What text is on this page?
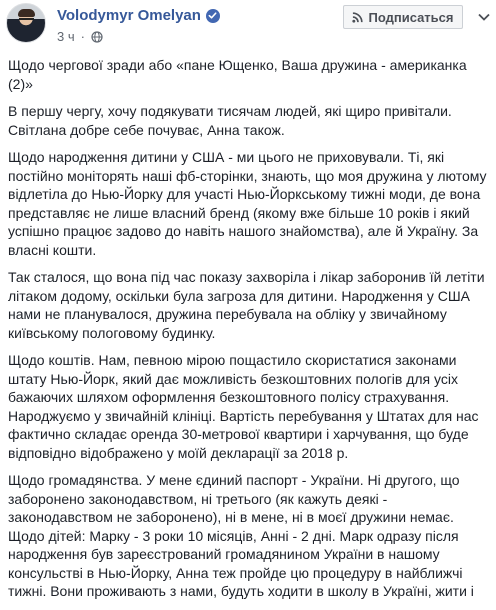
Volodymyr Omelyan
3 ч ·
Подписаться

Щодо чергової зради або «пане Ющенко, Ваша дружина - американка (2)»

В першу чергу, хочу подякувати тисячам людей, які щиро привітали. Світлана добре себе почуває, Анна також.

Щодо народження дитини у США - ми цього не приховували. Ті, які постійно моніторять наші фб-сторінки, знають, що моя дружина у лютому відлетіла до Нью-Йорку для участі Нью-Йоркському тижні моди, де вона представляє не лише власний бренд (якому вже більше 10 років і який успішно працює задово до навіть нашого знайомства), але й Україну. За власні кошти.

Так сталося, що вона під час показу захворіла і лікар заборонив їй летіти літаком додому, оскільки була загроза для дитини. Народження у США нами не планувалося, дружина перебувала на обліку у звичайному київському пологовому будинку.

Щодо коштів. Нам, певною мірою пощастило скористатися законами штату Нью-Йорк, який дає можливість безкоштовних пологів для усіх бажаючих шляхом оформлення безкоштовного полісу страхування. Народжуємо у звичайній клініці. Вартість перебування у Штатах для нас фактично складає оренда 30-метрової квартири і харчування, що буде відповідно відображено у моїй декларації за 2018 р.

Щодо громадянства. У мене єдиний паспорт - України. Ні другого, що заборонено законодавством, ні третього (як кажуть деякі - законодавством не заборонено), ні в мене, ні в моєї дружини немає. Щодо дітей: Марку - 3 роки 10 місяців, Анні - 2 дні. Марк одразу після народження був зареєстрований громадянином України в нашому консульстві в Нью-Йорку, Анна теж пройде цю процедуру в найближчі тижні. Вони проживають з нами, будуть ходити в школу в Україні, жити і
